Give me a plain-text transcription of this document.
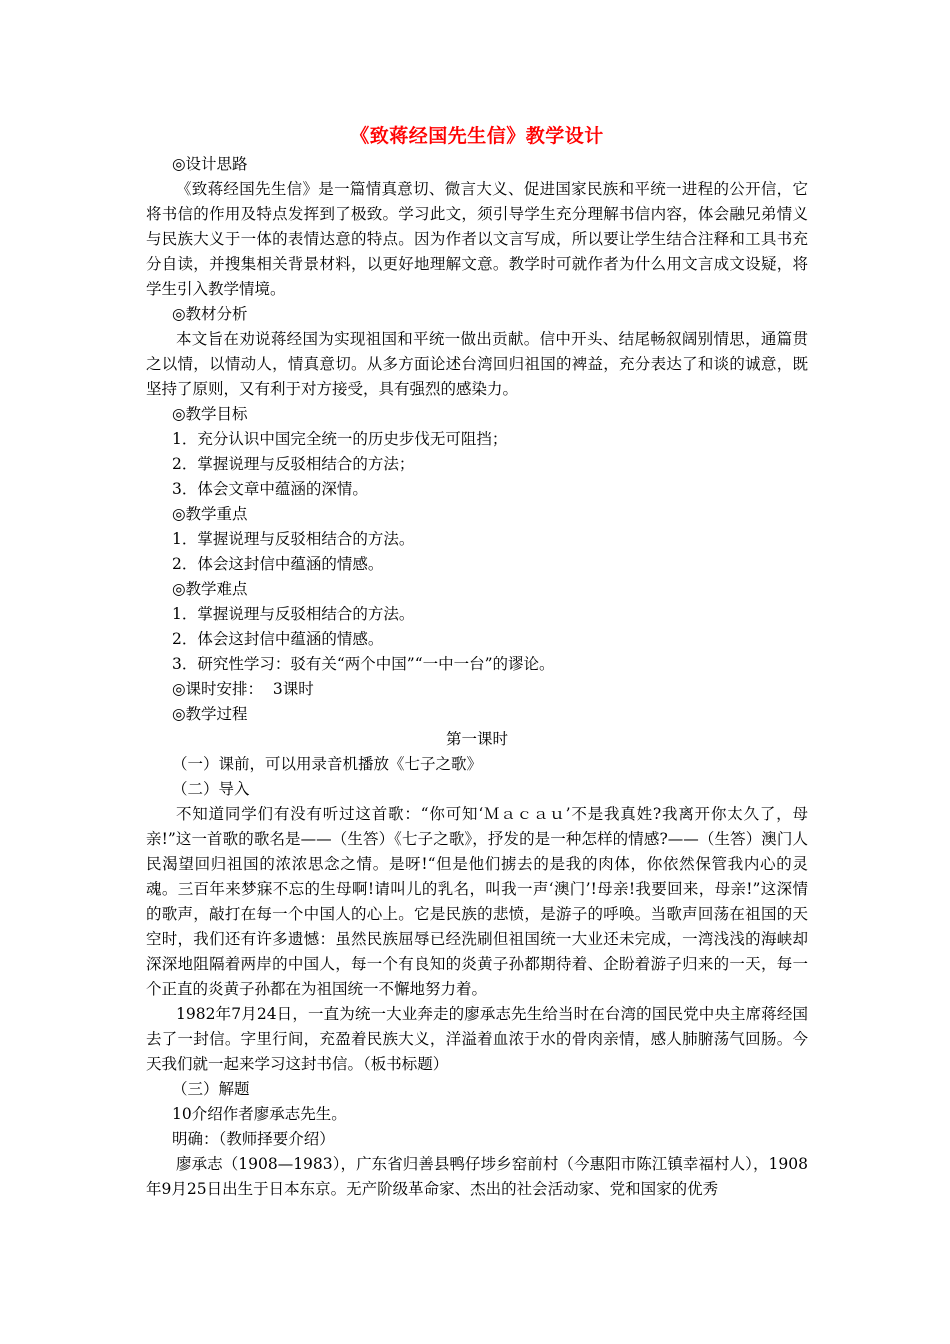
《致蒋经国先生信》教学设计

◎设计思路

《致蒋经国先生信》是一篇情真意切、微言大义、促进国家民族和平统一进程的公开信，它将书信的作用及特点发挥到了极致。学习此文，须引导学生充分理解书信内容，体会融兄弟情义与民族大义于一体的表情达意的特点。因为作者以文言写成，所以要让学生结合注释和工具书充分自读，并搜集相关背景材料，以更好地理解文意。教学时可就作者为什么用文言成文设疑，将学生引入教学情境。

◎教材分析

本文旨在劝说蒋经国为实现祖国和平统一做出贡献。信中开头、结尾畅叙阔别情思，通篇贯之以情，以情动人，情真意切。从多方面论述台湾回归祖国的裨益，充分表达了和谈的诚意，既坚持了原则，又有利于对方接受，具有强烈的感染力。

◎教学目标

1．充分认识中国完全统一的历史步伐无可阻挡；

2．掌握说理与反驳相结合的方法；

3．体会文章中蕴涵的深情。

◎教学重点

1．掌握说理与反驳相结合的方法。

2．体会这封信中蕴涵的情感。

◎教学难点

1．掌握说理与反驳相结合的方法。

2．体会这封信中蕴涵的情感。

3．研究性学习：驳有关“两个中国”“一中一台”的谬论。

◎课时安排：  3课时

◎教学过程

第一课时

（一）课前，可以用录音机播放《七子之歌》

（二）导入

不知道同学们有没有听过这首歌：“你可知‘Ｍａｃａｕ’不是我真姓?我离开你太久了，母亲!”这一首歌的歌名是——（生答）《七子之歌》，抒发的是一种怎样的情感?——（生答）澳门人民渴望回归祖国的浓浓思念之情。是呀!“但是他们掳去的是我的肉体，你依然保管我内心的灵魂。三百年来梦寐不忘的生母啊!请叫儿的乳名，叫我一声‘澳门’!母亲!我要回来，母亲!”这深情的歌声，敲打在每一个中国人的心上。它是民族的悲愤，是游子的呼唤。当歌声回荡在祖国的天空时，我们还有许多遗憾：虽然民族屈辱已经洗刷但祖国统一大业还未完成，一湾浅浅的海峡却深深地阻隔着两岸的中国人，每一个有良知的炎黄子孙都期待着、企盼着游子归来的一天，每一个正直的炎黄子孙都在为祖国统一不懈地努力着。

1982年7月24日，一直为统一大业奔走的廖承志先生给当时在台湾的国民党中央主席蒋经国去了一封信。字里行间，充盈着民族大义，洋溢着血浓于水的骨肉亲情，感人肺腑荡气回肠。今天我们就一起来学习这封书信。（板书标题）

（三）解题

10介绍作者廖承志先生。

明确：（教师择要介绍）

廖承志（1908—1983），广东省归善县鸭仔埗乡窑前村（今惠阳市陈江镇幸福村人），1908年9月25日出生于日本东京。无产阶级革命家、杰出的社会活动家、党和国家的优秀
